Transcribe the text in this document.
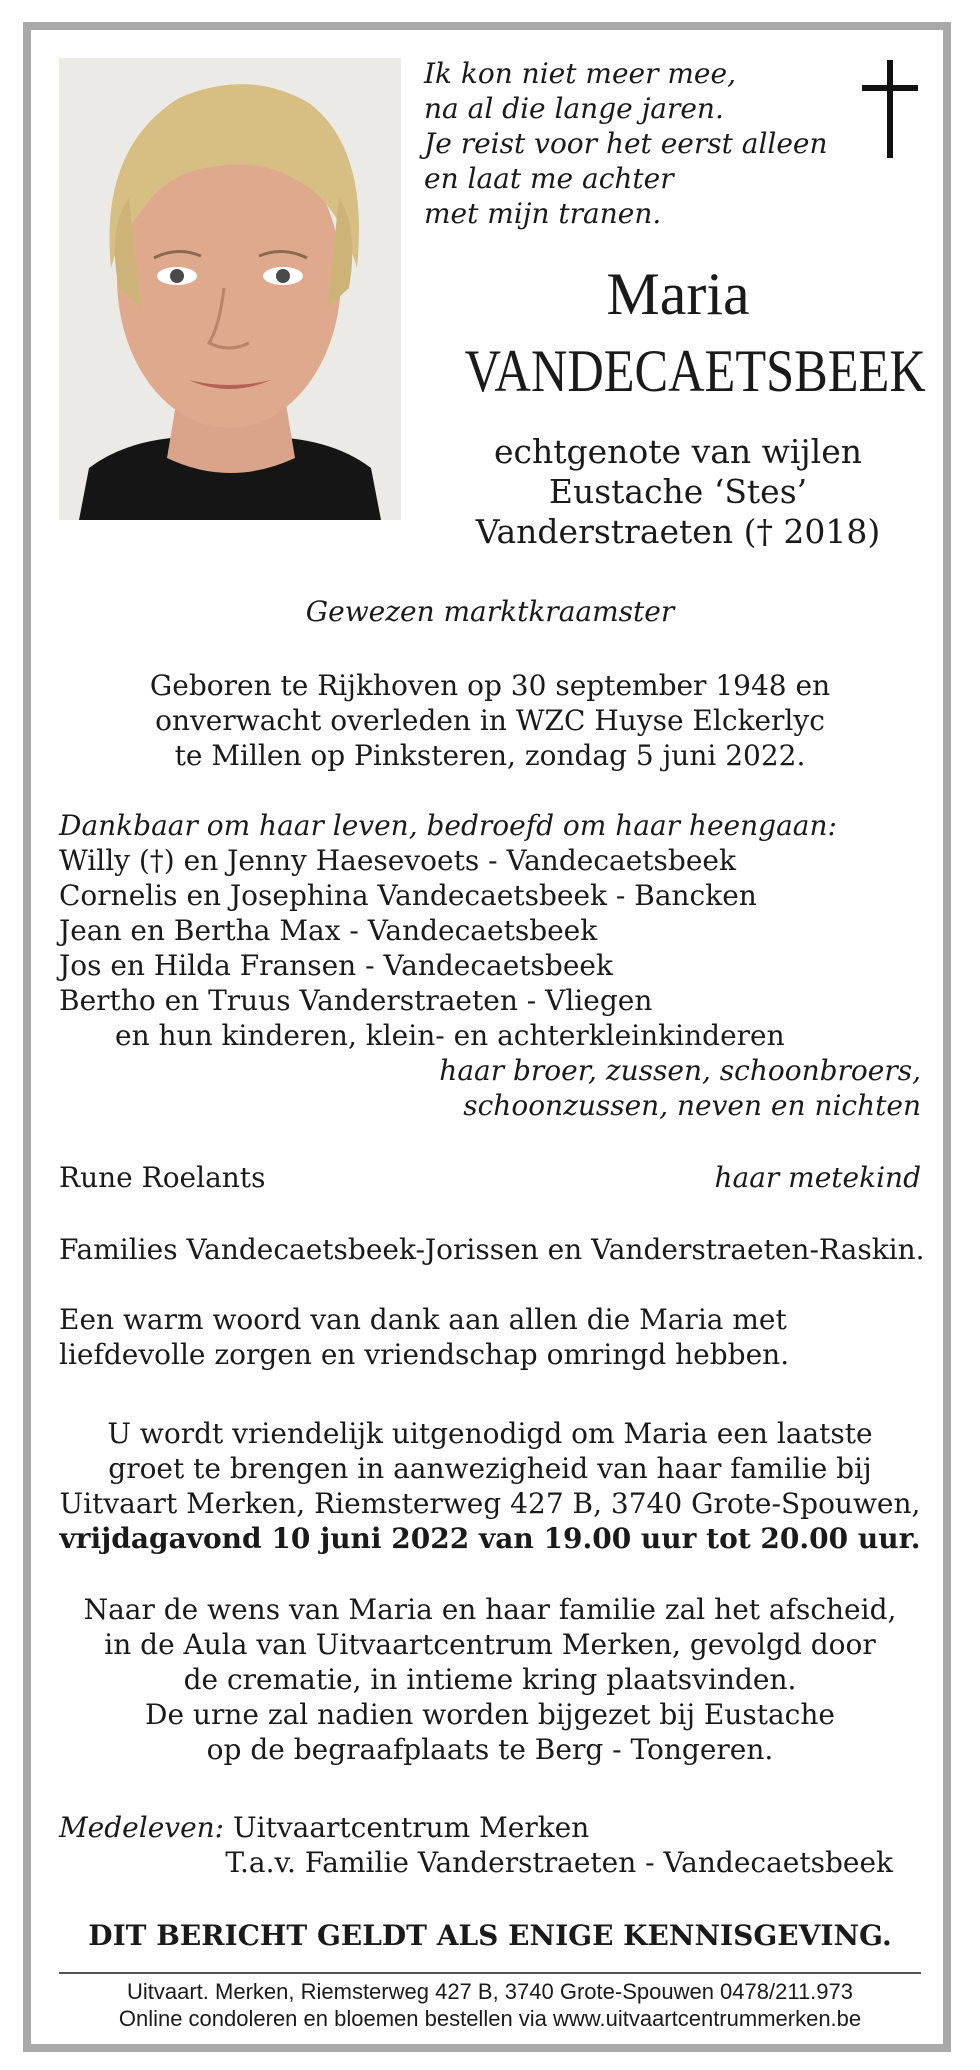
Ik kon niet meer mee,
na al die lange jaren.
Je reist voor het eerst alleen
en laat me achter
met mijn tranen.
Maria
VANDECAETSBEEK
echtgenote van wijlen
Eustache ‘Stes’
Vanderstraeten († 2018)
Gewezen marktkraamster
Geboren te Rijkhoven op 30 september 1948 en
onverwacht overleden in WZC Huyse Elckerlyc
te Millen op Pinksteren, zondag 5 juni 2022.
Dankbaar om haar leven, bedroefd om haar heengaan:
Willy (†) en Jenny Haesevoets - Vandecaetsbeek
Cornelis en Josephina Vandecaetsbeek - Bancken
Jean en Bertha Max - Vandecaetsbeek
Jos en Hilda Fransen - Vandecaetsbeek
Bertho en Truus Vanderstraeten - Vliegen
en hun kinderen, klein- en achterkleinkinderen
haar broer, zussen, schoonbroers,
schoonzussen, neven en nichten
Rune Roelants	haar metekind
Families Vandecaetsbeek-Jorissen en Vanderstraeten-Raskin.
Een warm woord van dank aan allen die Maria met
liefdevolle zorgen en vriendschap omringd hebben.
U wordt vriendelijk uitgenodigd om Maria een laatste
groet te brengen in aanwezigheid van haar familie bij
Uitvaart Merken, Riemsterweg 427 B, 3740 Grote-Spouwen,
vrijdagavond 10 juni 2022 van 19.00 uur tot 20.00 uur.
Naar de wens van Maria en haar familie zal het afscheid,
in de Aula van Uitvaartcentrum Merken, gevolgd door
de crematie, in intieme kring plaatsvinden.
De urne zal nadien worden bijgezet bij Eustache
op de begraafplaats te Berg - Tongeren.
Medeleven: Uitvaartcentrum Merken
T.a.v. Familie Vanderstraeten - Vandecaetsbeek
DIT BERICHT GELDT ALS ENIGE KENNISGEVING.
Uitvaart. Merken, Riemsterweg 427 B, 3740 Grote-Spouwen 0478/211.973
Online condoleren en bloemen bestellen via www.uitvaartcentrummerken.be
